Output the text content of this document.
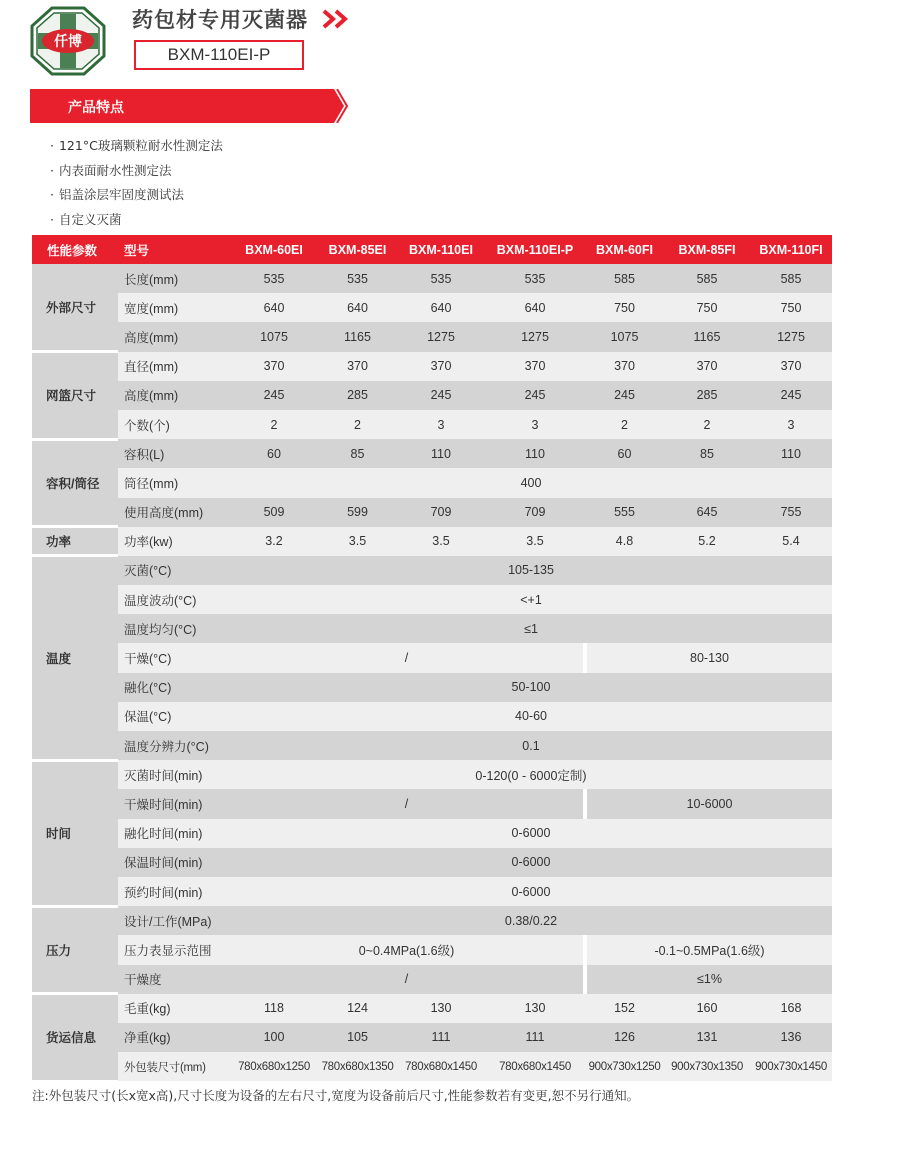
仟博
药包材专用灭菌器
BXM-110EI-P
产品特点
· 121°C玻璃颗粒耐水性测定法
· 内表面耐水性测定法
· 铝盖涂层牢固度测试法
· 自定义灭菌
性能参数	型号	BXM-60EI	BXM-85EI	BXM-110EI	BXM-110EI-P	BXM-60FI	BXM-85FI	BXM-110FI
外部尺寸	长度(mm)	535	535	535	535	585	585	585
	宽度(mm)	640	640	640	640	750	750	750
	高度(mm)	1075	1165	1275	1275	1075	1165	1275
网篮尺寸	直径(mm)	370	370	370	370	370	370	370
	高度(mm)	245	285	245	245	245	285	245
	个数(个)	2	2	3	3	2	2	3
容积/筒径	容积(L)	60	85	110	110	60	85	110
	筒径(mm)	400						
	使用高度(mm)	509	599	709	709	555	645	755
功率	功率(kw)	3.2	3.5	3.5	3.5	4.8	5.2	5.4
温度	灭菌(°C)	105-135						
	温度波动(°C)	<+1						
	温度均匀(°C)	≤1						
	干燥(°C)	/				80-130		
	融化(°C)	50-100						
	保温(°C)	40-60						
	温度分辨力(°C)	0.1						
时间	灭菌时间(min)	0-120(0 - 6000定制)						
	干燥时间(min)	/				10-6000		
	融化时间(min)	0-6000						
	保温时间(min)	0-6000						
	预约时间(min)	0-6000						
压力	设计/工作(MPa)	0.38/0.22						
	压力表显示范围	0~0.4MPa(1.6级)				-0.1~0.5MPa(1.6级)		
	干燥度	/				≤1%		
货运信息	毛重(kg)	118	124	130	130	152	160	168
	净重(kg)	100	105	111	111	126	131	136
	外包装尺寸(mm)	780x680x1250	780x680x1350	780x680x1450	780x680x1450	900x730x1250	900x730x1350	900x730x1450
注:外包装尺寸(长x宽x高),尺寸长度为设备的左右尺寸,宽度为设备前后尺寸,性能参数若有变更,恕不另行通知。
